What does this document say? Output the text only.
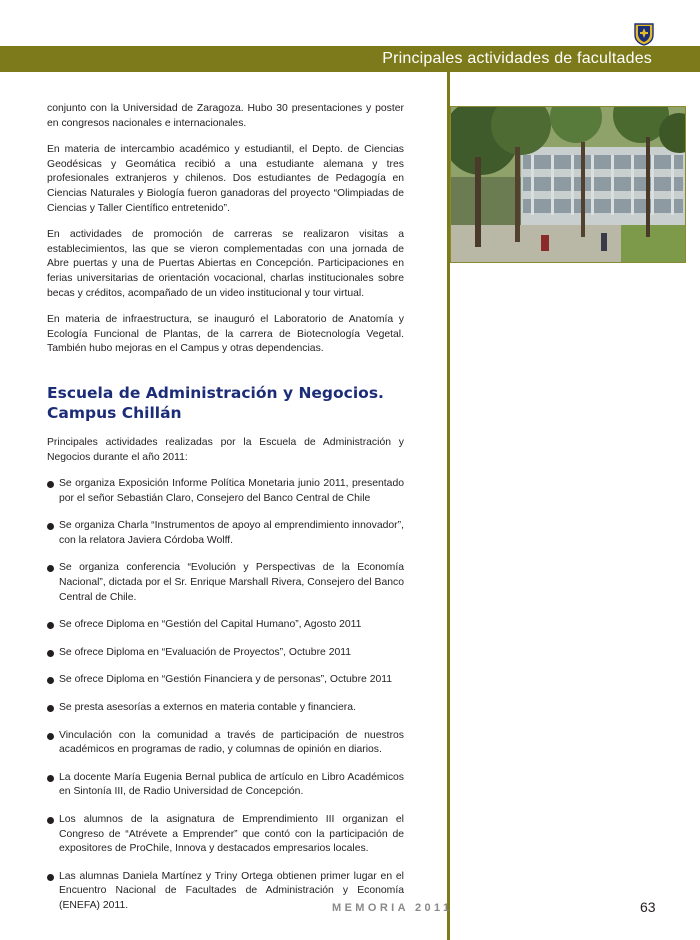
Principales actividades de facultades

conjunto con la Universidad de Zaragoza. Hubo 30 presentaciones y poster en congresos nacionales e internacionales.

En materia de intercambio académico y estudiantil, el Depto. de Ciencias Geodésicas y Geomática recibió a una estudiante alemana y tres profesionales extranjeros y chilenos. Dos estudiantes de Pedagogía en Ciencias Naturales y Biología fueron ganadoras del proyecto “Olimpiadas de Ciencias y Taller Científico entretenido”.

En actividades de promoción de carreras se realizaron visitas a establecimientos, las que se vieron complementadas con una jornada de Abre puertas y una de Puertas Abiertas en Concepción. Participaciones en ferias universitarias de orientación vocacional, charlas institucionales sobre becas y créditos, acompañado de un video institucional y tour virtual.

En materia de infraestructura, se inauguró el Laboratorio de Anatomía y Ecología Funcional de Plantas, de la carrera de Biotecnología Vegetal. También hubo mejoras en el Campus y otras dependencias.

Escuela de Administración y Negocios.
Campus Chillán

Principales actividades realizadas por la Escuela de Administración y Negocios durante el año 2011:

Se organiza Exposición Informe Política Monetaria junio 2011, presentado por el señor Sebastián Claro, Consejero del Banco Central de Chile
Se organiza Charla “Instrumentos de apoyo al emprendimiento innovador”, con la relatora Javiera Córdoba Wolff.
Se organiza conferencia “Evolución y Perspectivas de la Economía Nacional”, dictada por el Sr. Enrique Marshall Rivera, Consejero del Banco Central de Chile.
Se ofrece Diploma en “Gestión del Capital Humano”, Agosto 2011
Se ofrece Diploma en “Evaluación de Proyectos”, Octubre 2011
Se ofrece Diploma en “Gestión Financiera y de personas”, Octubre 2011
Se presta asesorías a externos en materia contable y financiera.
Vinculación con la comunidad a través de participación de nuestros académicos en programas de radio, y columnas de opinión en diarios.
La docente María Eugenia Bernal publica de artículo en Libro Académicos en Sintonía III, de Radio Universidad de Concepción.
Los alumnos de la asignatura de Emprendimiento III organizan el Congreso de “Atrévete a Emprender” que contó con la participación de expositores de ProChile, Innova y destacados empresarios locales.
Las alumnas Daniela Martínez y Triny Ortega obtienen primer lugar en el Encuentro Nacional de Facultades de Administración y Economía (ENEFA) 2011.	MEMORIA 2011	63
